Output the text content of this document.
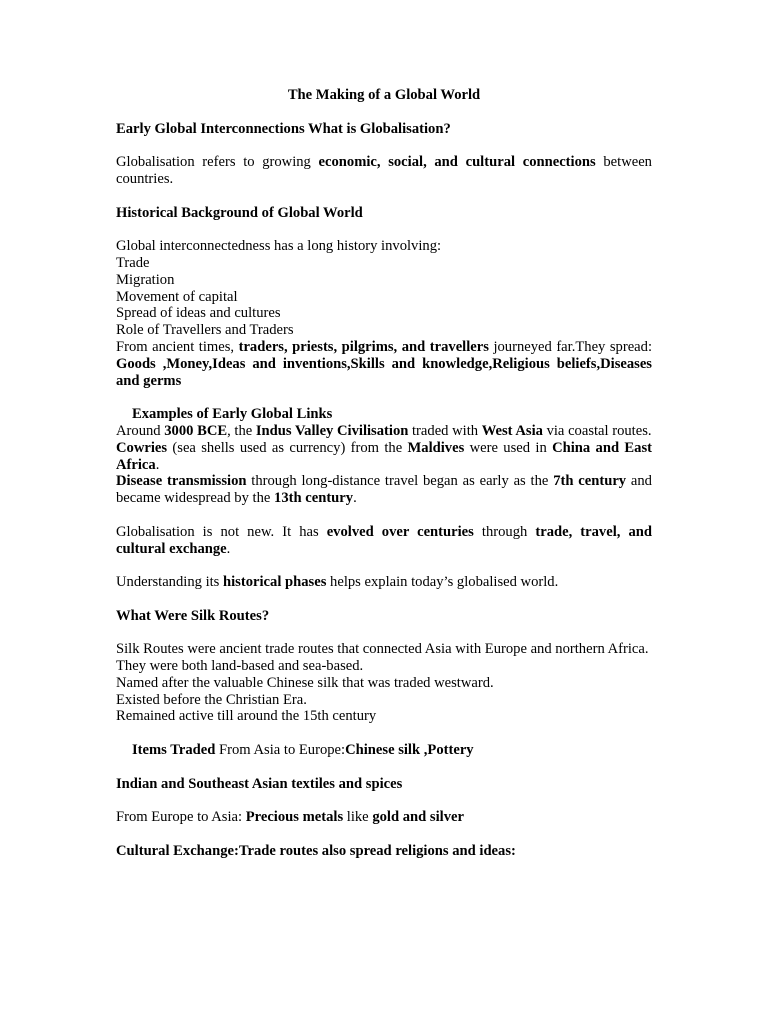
The Making of a Global World

Early Global Interconnections What is Globalisation?

Globalisation refers to growing economic, social, and cultural connections between countries.

Historical Background of Global World

Global interconnectedness has a long history involving:

Trade

Migration

Movement of capital

Spread of ideas and cultures

Role of Travellers and Traders

From ancient times, traders, priests, pilgrims, and travellers journeyed far.They spread: Goods ,Money,Ideas and inventions,Skills and knowledge,Religious beliefs,Diseases and germs

Examples of Early Global Links

Around 3000 BCE, the Indus Valley Civilisation traded with West Asia via coastal routes.

Cowries (sea shells used as currency) from the Maldives were used in China and East Africa.

Disease transmission through long-distance travel began as early as the 7th century and became widespread by the 13th century.

Globalisation is not new. It has evolved over centuries through trade, travel, and cultural exchange.

Understanding its historical phases helps explain today’s globalised world.

What Were Silk Routes?

Silk Routes were ancient trade routes that connected Asia with Europe and northern Africa.

They were both land-based and sea-based.

Named after the valuable Chinese silk that was traded westward.

Existed before the Christian Era.

Remained active till around the 15th century

Items Traded From Asia to Europe:Chinese silk ,Pottery

Indian and Southeast Asian textiles and spices

From Europe to Asia: Precious metals like gold and silver

Cultural Exchange:Trade routes also spread religions and ideas:
